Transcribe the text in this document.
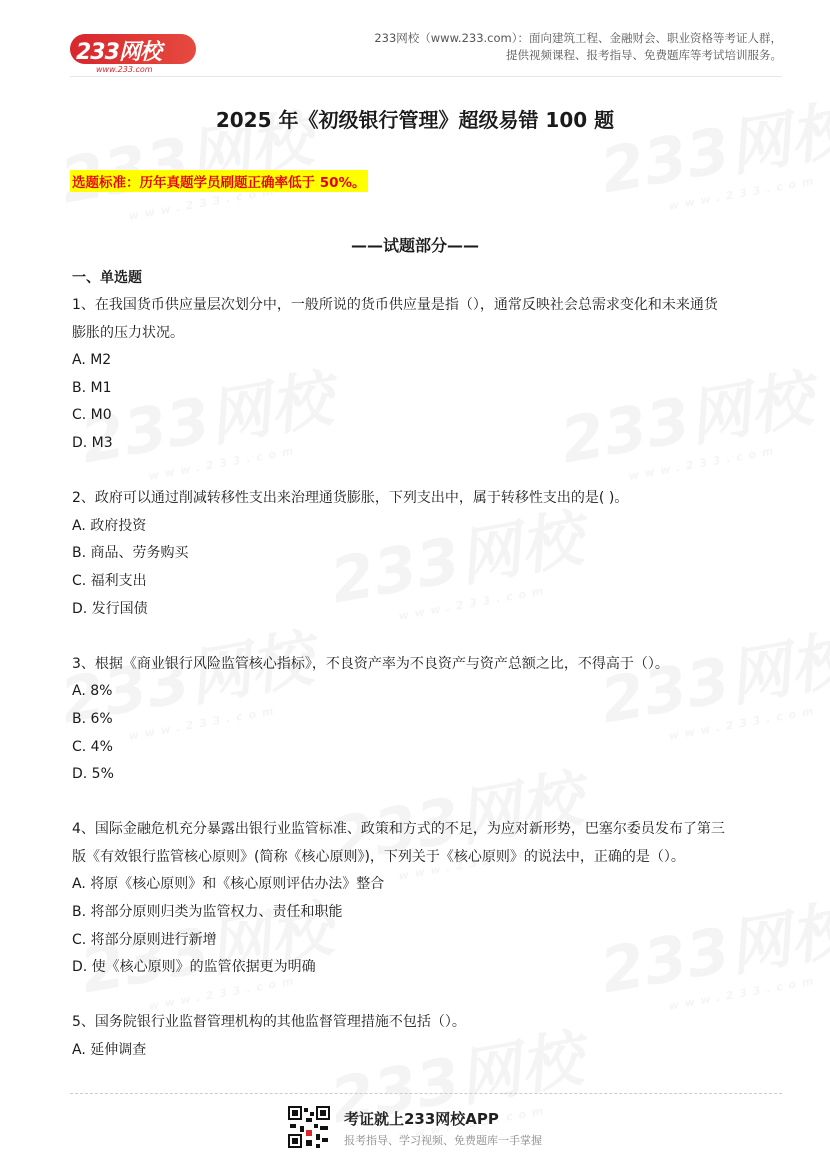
233网校
www.233.com
233网校（www.233.com）：面向建筑工程、金融财会、职业资格等考证人群，
提供视频课程、报考指导、免费题库等考试培训服务。
2025 年《初级银行管理》超级易错 100 题
选题标准：历年真题学员刷题正确率低于 50%。
——试题部分——
一、单选题
1、在我国货币供应量层次划分中，一般所说的货币供应量是指（），通常反映社会总需求变化和未来通货
膨胀的压力状况。
A. M2
B. M1
C. M0
D. M3
2、政府可以通过削减转移性支出来治理通货膨胀，下列支出中，属于转移性支出的是( )。
A. 政府投资
B. 商品、劳务购买
C. 福利支出
D. 发行国债
3、根据《商业银行风险监管核心指标》，不良资产率为不良资产与资产总额之比，不得高于（）。
A. 8%
B. 6%
C. 4%
D. 5%
4、国际金融危机充分暴露出银行业监管标准、政策和方式的不足，为应对新形势，巴塞尔委员发布了第三
版《有效银行监管核心原则》(简称《核心原则》)，下列关于《核心原则》的说法中，正确的是（）。
A. 将原《核心原则》和《核心原则评估办法》整合
B. 将部分原则归类为监管权力、责任和职能
C. 将部分原则进行新增
D. 使《核心原则》的监管依据更为明确
5、国务院银行业监督管理机构的其他监督管理措施不包括（）。
A. 延伸调查
考证就上233网校APP
报考指导、学习视频、免费题库一手掌握
